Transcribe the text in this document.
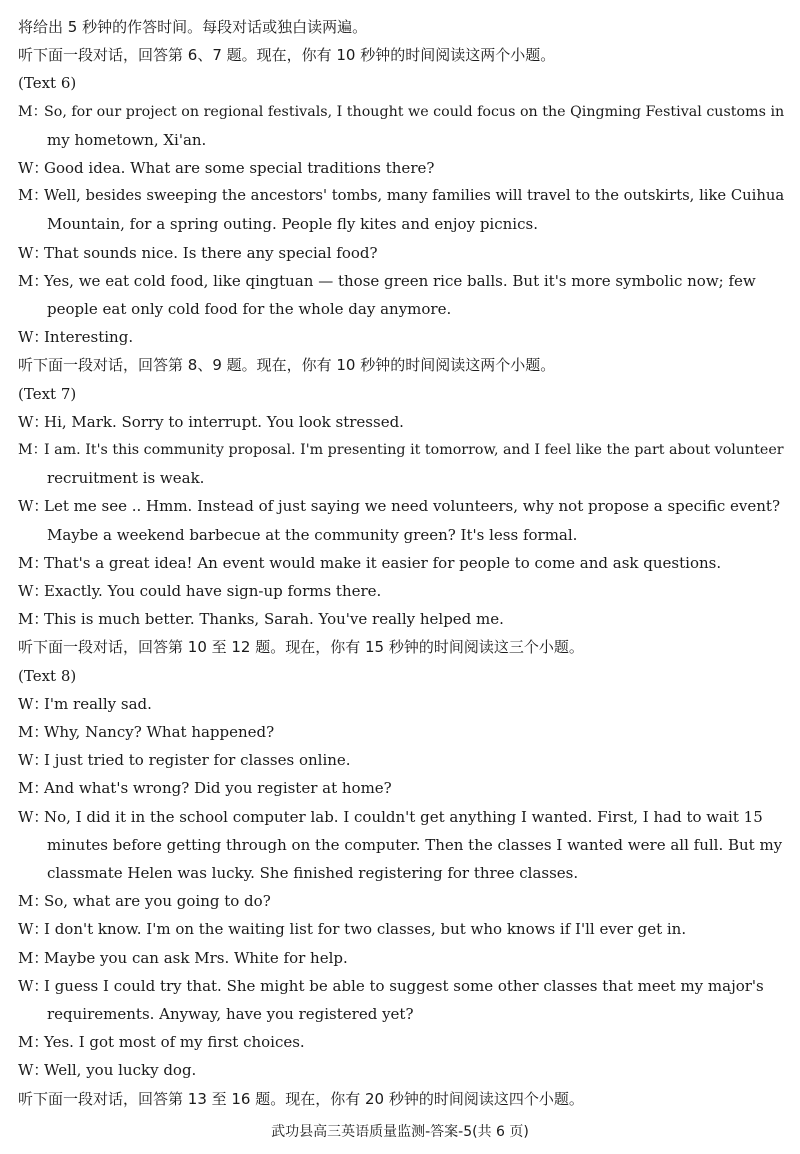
将给出 5 秒钟的作答时间。每段对话或独白读两遍。
听下面一段对话，回答第 6、7 题。现在，你有 10 秒钟的时间阅读这两个小题。
(Text 6)
M：So, for our project on regional festivals, I thought we could focus on the Qingming Festival customs in
my hometown, Xi'an.
W：Good idea. What are some special traditions there?
M：Well, besides sweeping the ancestors' tombs, many families will travel to the outskirts, like Cuihua
Mountain, for a spring outing. People fly kites and enjoy picnics.
W：That sounds nice. Is there any special food?
M：Yes, we eat cold food, like qingtuan — those green rice balls. But it's more symbolic now; few
people eat only cold food for the whole day anymore.
W：Interesting.
听下面一段对话，回答第 8、9 题。现在，你有 10 秒钟的时间阅读这两个小题。
(Text 7)
W：Hi, Mark. Sorry to interrupt. You look stressed.
M：I am. It's this community proposal. I'm presenting it tomorrow, and I feel like the part about volunteer
recruitment is weak.
W：Let me see .. Hmm. Instead of just saying we need volunteers, why not propose a specific event?
Maybe a weekend barbecue at the community green? It's less formal.
M：That's a great idea! An event would make it easier for people to come and ask questions.
W：Exactly. You could have sign-up forms there.
M：This is much better. Thanks, Sarah. You've really helped me.
听下面一段对话，回答第 10 至 12 题。现在，你有 15 秒钟的时间阅读这三个小题。
(Text 8)
W：I'm really sad.
M：Why, Nancy? What happened?
W：I just tried to register for classes online.
M：And what's wrong? Did you register at home?
W：No, I did it in the school computer lab. I couldn't get anything I wanted. First, I had to wait 15
minutes before getting through on the computer. Then the classes I wanted were all full. But my
classmate Helen was lucky. She finished registering for three classes.
M：So, what are you going to do?
W：I don't know. I'm on the waiting list for two classes, but who knows if I'll ever get in.
M：Maybe you can ask Mrs. White for help.
W：I guess I could try that. She might be able to suggest some other classes that meet my major's
requirements. Anyway, have you registered yet?
M：Yes. I got most of my first choices.
W：Well, you lucky dog.
听下面一段对话，回答第 13 至 16 题。现在，你有 20 秒钟的时间阅读这四个小题。
武功县高三英语质量监测-答案-5(共 6 页)
